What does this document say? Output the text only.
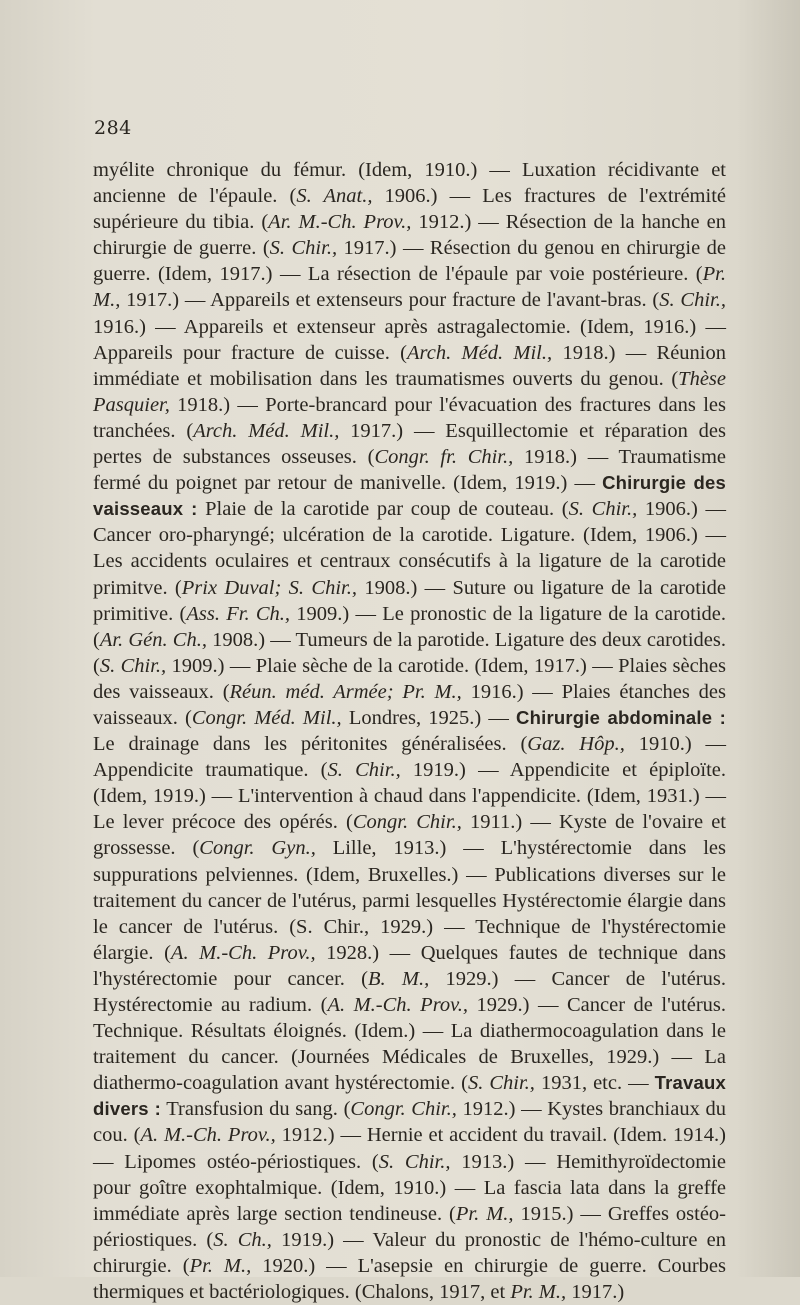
284

myélite chronique du fémur. (Idem, 1910.) — Luxation récidivante et ancienne de l'épaule. (S. Anat., 1906.) — Les fractures de l'extrémité supérieure du tibia. (Ar. M.-Ch. Prov., 1912.) — Résection de la hanche en chirurgie de guerre. (S. Chir., 1917.) — Résection du genou en chirurgie de guerre. (Idem, 1917.) — La résection de l'épaule par voie postérieure. (Pr. M., 1917.) — Appareils et extenseurs pour fracture de l'avant-bras. (S. Chir., 1916.) — Appareils et extenseur après astragalectomie. (Idem, 1916.) — Appareils pour fracture de cuisse. (Arch. Méd. Mil., 1918.) — Réunion immédiate et mobilisation dans les traumatismes ouverts du genou. (Thèse Pasquier, 1918.) — Porte-brancard pour l'évacuation des fractures dans les tranchées. (Arch. Méd. Mil., 1917.) — Esquillectomie et réparation des pertes de substances osseuses. (Congr. fr. Chir., 1918.) — Traumatisme fermé du poignet par retour de manivelle. (Idem, 1919.) — Chirurgie des vaisseaux : Plaie de la carotide par coup de couteau. (S. Chir., 1906.) — Cancer oro-pharyngé; ulcération de la carotide. Ligature. (Idem, 1906.) — Les accidents oculaires et centraux consécutifs à la ligature de la carotide primitve. (Prix Duval; S. Chir., 1908.) — Suture ou ligature de la carotide primitive. (Ass. Fr. Ch., 1909.) — Le pronostic de la ligature de la carotide. (Ar. Gén. Ch., 1908.) — Tumeurs de la parotide. Ligature des deux carotides. (S. Chir., 1909.) — Plaie sèche de la carotide. (Idem, 1917.) — Plaies sèches des vaisseaux. (Réun. méd. Armée; Pr. M., 1916.) — Plaies étanches des vaisseaux. (Congr. Méd. Mil., Londres, 1925.) — Chirurgie abdominale : Le drainage dans les péritonites généralisées. (Gaz. Hôp., 1910.) — Appendicite traumatique. (S. Chir., 1919.) — Appendicite et épiploïte. (Idem, 1919.) — L'intervention à chaud dans l'appendicite. (Idem, 1931.) — Le lever précoce des opérés. (Congr. Chir., 1911.) — Kyste de l'ovaire et grossesse. (Congr. Gyn., Lille, 1913.) — L'hystérectomie dans les suppurations pelviennes. (Idem, Bruxelles.) — Publications diverses sur le traitement du cancer de l'utérus, parmi lesquelles Hystérectomie élargie dans le cancer de l'utérus. (S. Chir., 1929.) — Technique de l'hystérectomie élargie. (A. M.-Ch. Prov., 1928.) — Quelques fautes de technique dans l'hystérectomie pour cancer. (B. M., 1929.) — Cancer de l'utérus. Hystérectomie au radium. (A. M.-Ch. Prov., 1929.) — Cancer de l'utérus. Technique. Résultats éloignés. (Idem.) — La diathermocoagulation dans le traitement du cancer. (Journées Médicales de Bruxelles, 1929.) — La diathermo-coagulation avant hystérectomie. (S. Chir., 1931, etc. — Travaux divers : Transfusion du sang. (Congr. Chir., 1912.) — Kystes branchiaux du cou. (A. M.-Ch. Prov., 1912.) — Hernie et accident du travail. (Idem. 1914.) — Lipomes ostéo-périostiques. (S. Chir., 1913.) — Hemithyroïdectomie pour goître exophtalmique. (Idem, 1910.) — La fascia lata dans la greffe immédiate après large section tendineuse. (Pr. M., 1915.) — Greffes ostéo-périostiques. (S. Ch., 1919.) — Valeur du pronostic de l'hémo-culture en chirurgie. (Pr. M., 1920.) — L'asepsie en chirurgie de guerre. Courbes thermiques et bactériologiques. (Chalons, 1917, et Pr. M., 1917.)
